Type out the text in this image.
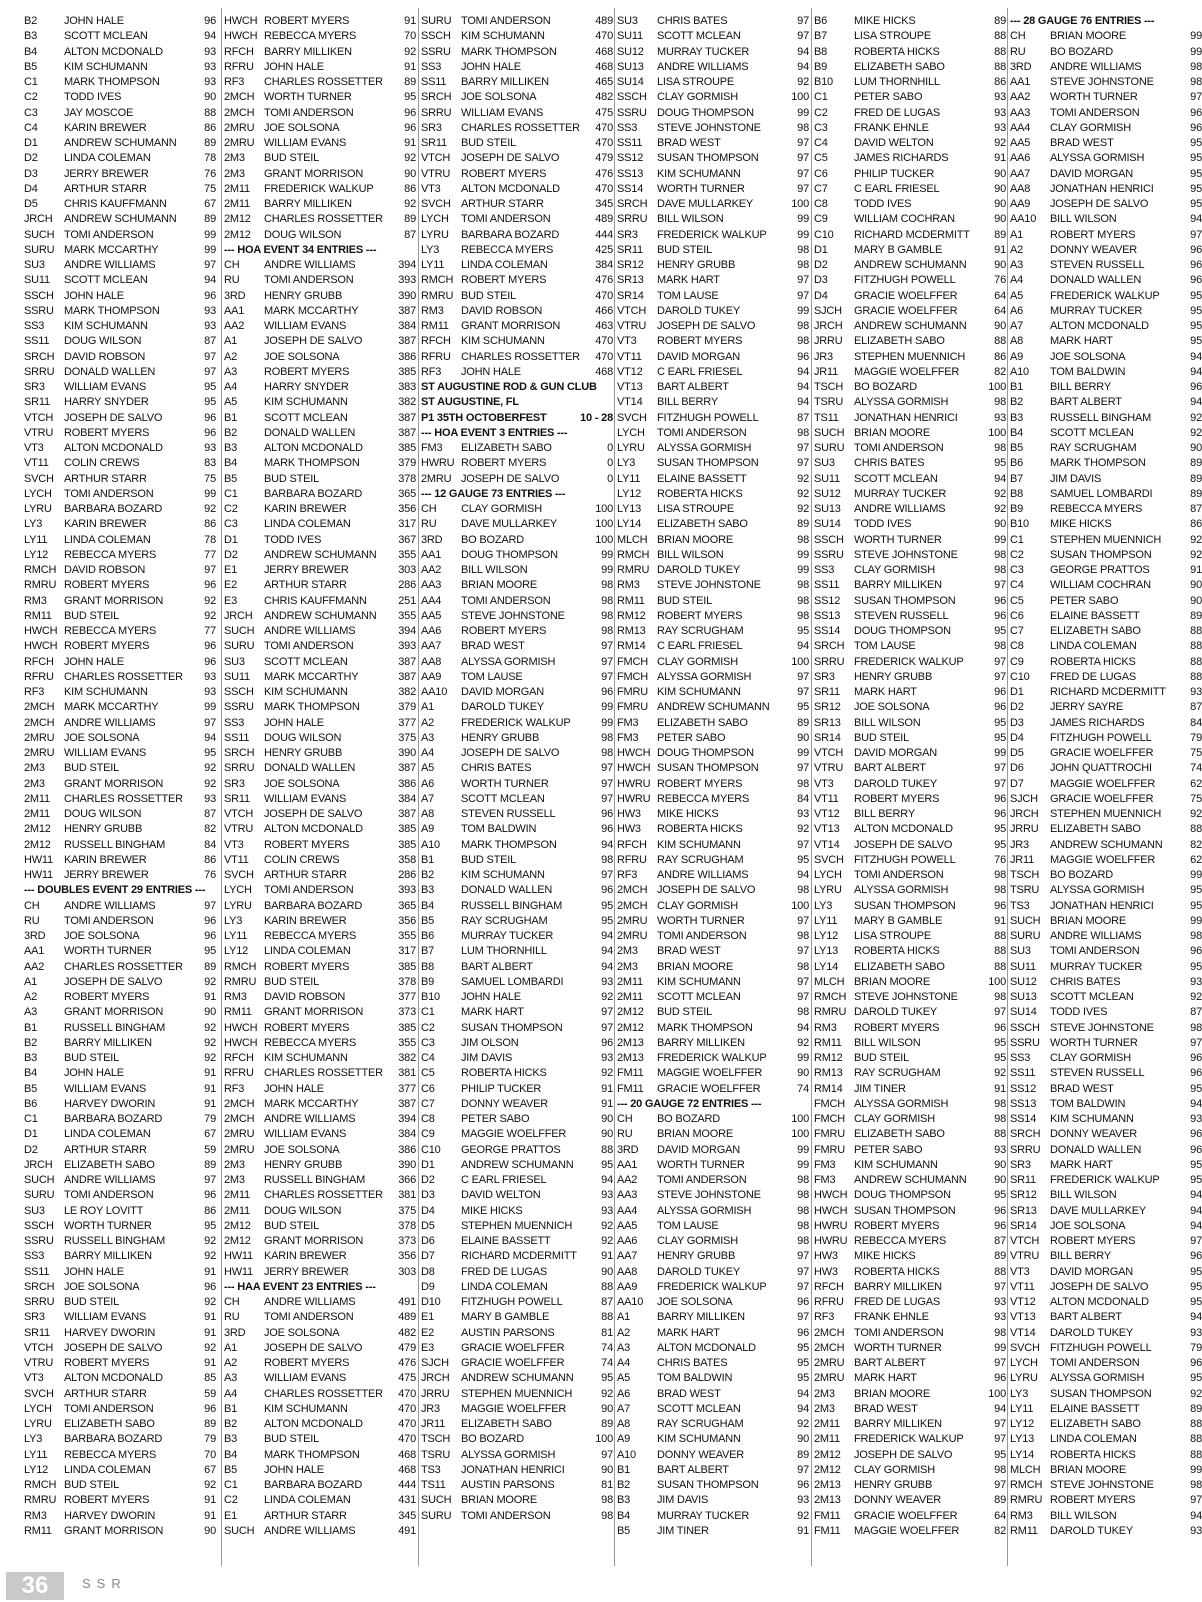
B2	JOHN HALE	96
B3	SCOTT MCLEAN	94
B4	ALTON MCDONALD	93
B5	KIM SCHUMANN	93
C1	MARK THOMPSON	93
C2	TODD IVES	90
C3	JAY MOSCOE	88
C4	KARIN BREWER	86
D1	ANDREW SCHUMANN	89
D2	LINDA COLEMAN	78
D3	JERRY BREWER	76
D4	ARTHUR STARR	75
D5	CHRIS KAUFFMANN	67
JRCH	ANDREW SCHUMANN	89
SUCH TOMI ANDERSON	99
SURU MARK MCCARTHY	99
SU3	ANDRE WILLIAMS	97
SU11	SCOTT MCLEAN	94
SSCH JOHN HALE	96
SSRU MARK THOMPSON	93
SS3	KIM SCHUMANN	93
SS11	DOUG WILSON	87
SRCH DAVID ROBSON	97
SRRU DONALD WALLEN	97
SR3	WILLIAM EVANS	95
SR11	HARRY SNYDER	95
VTCH JOSEPH DE SALVO	96
VTRU ROBERT MYERS	96
VT3	ALTON MCDONALD	93
VT11	COLIN CREWS	83
SVCH ARTHUR STARR	75
LYCH	TOMI ANDERSON	99
LYRU	BARBARA BOZARD	92
LY3	KARIN BREWER	86
LY11	LINDA COLEMAN	78
LY12	REBECCA MYERS	77
RMCH DAVID ROBSON	97
RMRU ROBERT MYERS	96
RM3	GRANT MORRISON	92
RM11	BUD STEIL	92
HWCH REBECCA MYERS	77
HWCH ROBERT MYERS	96
RFCH JOHN HALE	96
RFRU CHARLES ROSSETTER	93
RF3	KIM SCHUMANN	93
2MCH MARK MCCARTHY	99
2MCH ANDRE WILLIAMS	97
2MRU JOE SOLSONA	94
2MRU WILLIAM EVANS	95
2M3	BUD STEIL	92
2M3	GRANT MORRISON	92
2M11	CHARLES ROSSETTER	93
2M11	DOUG WILSON	87
2M12	HENRY GRUBB	82
2M12	RUSSELL BINGHAM	84
HW11	KARIN BREWER	86
HW11	JERRY BREWER	76
--- DOUBLES EVENT 29 ENTRIES ---
CH	ANDRE WILLIAMS	97
RU	TOMI ANDERSON	96
3RD	JOE SOLSONA	96
AA1	WORTH TURNER	95
AA2	CHARLES ROSSETTER	89
A1	JOSEPH DE SALVO	92
A2	ROBERT MYERS	91
A3	GRANT MORRISON	90
B1	RUSSELL BINGHAM	92
B2	BARRY MILLIKEN	92
B3	BUD STEIL	92
B4	JOHN HALE	91
B5	WILLIAM EVANS	91
B6	HARVEY DWORIN	91
C1	BARBARA BOZARD	79
D1	LINDA COLEMAN	67
D2	ARTHUR STARR	59
JRCH	ELIZABETH SABO	89
SUCH ANDRE WILLIAMS	97
SURU TOMI ANDERSON	96
SU3	LE ROY LOVITT	86
SSCH WORTH TURNER	95
SSRU RUSSELL BINGHAM	92
SS3	BARRY MILLIKEN	92
SS11	JOHN HALE	91
SRCH JOE SOLSONA	96
SRRU BUD STEIL	92
SR3	WILLIAM EVANS	91
SR11	HARVEY DWORIN	91
VTCH JOSEPH DE SALVO	92
VTRU ROBERT MYERS	91
VT3	ALTON MCDONALD	85
SVCH ARTHUR STARR	59
LYCH	TOMI ANDERSON	96
LYRU	ELIZABETH SABO	89
LY3	BARBARA BOZARD	79
LY11	REBECCA MYERS	70
LY12	LINDA COLEMAN	67
RMCH BUD STEIL	92
RMRU ROBERT MYERS	91
RM3	HARVEY DWORIN	91
RM11	GRANT MORRISON	90
HWCH ROBERT MYERS	91
HWCH REBECCA MYERS	70
RFCH BARRY MILLIKEN	92
RFRU JOHN HALE	91
RF3	CHARLES ROSSETTER	89
2MCH WORTH TURNER	95
2MCH TOMI ANDERSON	96
2MRU JOE SOLSONA	96
2MRU WILLIAM EVANS	91
2M3	BUD STEIL	92
2M3	GRANT MORRISON	90
2M11	FREDERICK WALKUP	86
2M11	BARRY MILLIKEN	92
2M12	CHARLES ROSSETTER	89
2M12	DOUG WILSON	87
--- HOA EVENT 34 ENTRIES ---
CH	ANDRE WILLIAMS	394
RU	TOMI ANDERSON	393
3RD	HENRY GRUBB	390
AA1	MARK MCCARTHY	387
AA2	WILLIAM EVANS	384
A1	JOSEPH DE SALVO	387
A2	JOE SOLSONA	386
A3	ROBERT MYERS	385
A4	HARRY SNYDER	383
A5	KIM SCHUMANN	382
B1	SCOTT MCLEAN	387
B2	DONALD WALLEN	387
B3	ALTON MCDONALD	385
B4	MARK THOMPSON	379
B5	BUD STEIL	378
C1	BARBARA BOZARD	365
C2	KARIN BREWER	356
C3	LINDA COLEMAN	317
D1	TODD IVES	367
D2	ANDREW SCHUMANN	355
E1	JERRY BREWER	303
E2	ARTHUR STARR	286
E3	CHRIS KAUFFMANN	251
JRCH	ANDREW SCHUMANN	355
SUCH ANDRE WILLIAMS	394
SURU TOMI ANDERSON	393
SU3	SCOTT MCLEAN	387
SU11	MARK MCCARTHY	387
SSCH KIM SCHUMANN	382
SSRU MARK THOMPSON	379
SS3	JOHN HALE	377
SS11	DOUG WILSON	375
SRCH HENRY GRUBB	390
SRRU DONALD WALLEN	387
SR3	JOE SOLSONA	386
SR11	WILLIAM EVANS	384
VTCH JOSEPH DE SALVO	387
VTRU ALTON MCDONALD	385
VT3	ROBERT MYERS	385
VT11	COLIN CREWS	358
SVCH ARTHUR STARR	286
LYCH	TOMI ANDERSON	393
LYRU	BARBARA BOZARD	365
LY3	KARIN BREWER	356
LY11	REBECCA MYERS	355
LY12	LINDA COLEMAN	317
RMCH ROBERT MYERS	385
RMRU BUD STEIL	378
RM3	DAVID ROBSON	377
RM11	GRANT MORRISON	373
HWCH ROBERT MYERS	385
HWCH REBECCA MYERS	355
RFCH KIM SCHUMANN	382
RFRU CHARLES ROSSETTER	381
RF3	JOHN HALE	377
2MCH MARK MCCARTHY	387
2MCH ANDRE WILLIAMS	394
2MRU WILLIAM EVANS	384
2MRU JOE SOLSONA	386
2M3	HENRY GRUBB	390
2M3	RUSSELL BINGHAM	366
2M11	CHARLES ROSSETTER	381
2M11	DOUG WILSON	375
2M12	BUD STEIL	378
2M12	GRANT MORRISON	373
HW11	KARIN BREWER	356
HW11	JERRY BREWER	303
--- HAA EVENT 23 ENTRIES ---
CH	ANDRE WILLIAMS	491
RU	TOMI ANDERSON	489
3RD	JOE SOLSONA	482
A1	JOSEPH DE SALVO	479
A2	ROBERT MYERS	476
A3	WILLIAM EVANS	475
A4	CHARLES ROSSETTER	470
B1	KIM SCHUMANN	470
B2	ALTON MCDONALD	470
B3	BUD STEIL	470
B4	MARK THOMPSON	468
B5	JOHN HALE	468
C1	BARBARA BOZARD	444
C2	LINDA COLEMAN	431
E1	ARTHUR STARR	345
SUCH ANDRE WILLIAMS	491
SURU TOMI ANDERSON	489
SSCH KIM SCHUMANN	470
SSRU MARK THOMPSON	468
SS3	JOHN HALE	468
SS11	BARRY MILLIKEN	465
SRCH JOE SOLSONA	482
SRRU WILLIAM EVANS	475
SR3	CHARLES ROSSETTER	470
SR11	BUD STEIL	470
VTCH JOSEPH DE SALVO	479
VTRU ROBERT MYERS	476
VT3	ALTON MCDONALD	470
SVCH ARTHUR STARR	345
LYCH	TOMI ANDERSON	489
LYRU	BARBARA BOZARD	444
LY3	REBECCA MYERS	425
LY11	LINDA COLEMAN	384
RMCH ROBERT MYERS	476
RMRU BUD STEIL	470
RM3	DAVID ROBSON	466
RM11	GRANT MORRISON	463
RFCH KIM SCHUMANN	470
RFRU CHARLES ROSSETTER	470
RF3	JOHN HALE	468
ST AUGUSTINE ROD & GUN CLUB
ST AUGUSTINE, FL
P1 35TH OCTOBERFEST	10 - 28
--- HOA EVENT 3 ENTRIES ---
FM3	ELIZABETH SABO	0
HWRU ROBERT MYERS	0
2MRU JOSEPH DE SALVO	0
--- 12 GAUGE 73 ENTRIES ---
CH	CLAY GORMISH	100
RU	DAVE MULLARKEY	100
3RD	BO BOZARD	100
AA1	DOUG THOMPSON	99
AA2	BILL WILSON	99
AA3	BRIAN MOORE	98
AA4	TOMI ANDERSON	98
AA5	STEVE JOHNSTONE	98
AA6	ROBERT MYERS	98
AA7	BRAD WEST	97
AA8	ALYSSA GORMISH	97
AA9	TOM LAUSE	97
AA10	DAVID MORGAN	96
A1	DAROLD TUKEY	99
A2	FREDERICK WALKUP	99
A3	HENRY GRUBB	98
A4	JOSEPH DE SALVO	98
A5	CHRIS BATES	97
A6	WORTH TURNER	97
A7	SCOTT MCLEAN	97
A8	STEVEN RUSSELL	96
A9	TOM BALDWIN	96
A10	MARK THOMPSON	94
B1	BUD STEIL	98
B2	KIM SCHUMANN	97
B3	DONALD WALLEN	96
B4	RUSSELL BINGHAM	95
B5	RAY SCRUGHAM	95
B6	MURRAY TUCKER	94
B7	LUM THORNHILL	94
B8	BART ALBERT	94
B9	SAMUEL LOMBARDI	93
B10	JOHN HALE	92
C1	MARK HART	97
C2	SUSAN THOMPSON	97
C3	JIM OLSON	96
C4	JIM DAVIS	93
C5	ROBERTA HICKS	92
C6	PHILIP TUCKER	91
C7	DONNY WEAVER	91
C8	PETER SABO	90
C9	MAGGIE WOELFFER	90
C10	GEORGE PRATTOS	88
D1	ANDREW SCHUMANN	95
D2	C EARL FRIESEL	94
D3	DAVID WELTON	93
D4	MIKE HICKS	93
D5	STEPHEN MUENNICH	92
D6	ELAINE BASSETT	92
D7	RICHARD MCDERMITT	91
D8	FRED DE LUGAS	90
D9	LINDA COLEMAN	88
D10	FITZHUGH POWELL	87
E1	MARY B GAMBLE	88
E2	AUSTIN PARSONS	81
E3	GRACIE WOELFFER	74
SJCH	GRACIE WOELFFER	74
JRCH	ANDREW SCHUMANN	95
JRRU	STEPHEN MUENNICH	92
JR3	MAGGIE WOELFFER	90
JR11	ELIZABETH SABO	89
TSCH BO BOZARD	100
TSRU ALYSSA GORMISH	97
TS3	JONATHAN HENRICI	90
TS11	AUSTIN PARSONS	81
SUCH BRIAN MOORE	98
SURU TOMI ANDERSON	98
SU3	CHRIS BATES	97
SU11	SCOTT MCLEAN	97
SU12	MURRAY TUCKER	94
SU13	ANDRE WILLIAMS	94
SU14	LISA STROUPE	92
SSCH CLAY GORMISH	100
SSRU DOUG THOMPSON	99
SS3	STEVE JOHNSTONE	98
SS11	BRAD WEST	97
SS12	SUSAN THOMPSON	97
SS13	KIM SCHUMANN	97
SS14	WORTH TURNER	97
SRCH DAVE MULLARKEY	100
SRRU BILL WILSON	99
SR3	FREDERICK WALKUP	99
SR11	BUD STEIL	98
SR12	HENRY GRUBB	98
SR13	MARK HART	97
SR14	TOM LAUSE	97
VTCH DAROLD TUKEY	99
VTRU JOSEPH DE SALVO	98
VT3	ROBERT MYERS	98
VT11	DAVID MORGAN	96
VT12	C EARL FRIESEL	94
VT13	BART ALBERT	94
VT14	BILL BERRY	94
SVCH FITZHUGH POWELL	87
LYCH	TOMI ANDERSON	98
LYRU	ALYSSA GORMISH	97
LY3	SUSAN THOMPSON	97
LY11	ELAINE BASSETT	92
LY12	ROBERTA HICKS	92
LY13	LISA STROUPE	92
LY14	ELIZABETH SABO	89
MLCH BRIAN MOORE	98
RMCH BILL WILSON	99
RMRU DAROLD TUKEY	99
RM3	STEVE JOHNSTONE	98
RM11	BUD STEIL	98
RM12	ROBERT MYERS	98
RM13	RAY SCRUGHAM	95
RM14	C EARL FRIESEL	94
FMCH CLAY GORMISH	100
FMCH ALYSSA GORMISH	97
FMRU KIM SCHUMANN	97
FMRU ANDREW SCHUMANN	95
FM3	ELIZABETH SABO	89
FM3	PETER SABO	90
HWCH DOUG THOMPSON	99
HWCH SUSAN THOMPSON	97
HWRU ROBERT MYERS	98
HWRU REBECCA MYERS	84
HW3	MIKE HICKS	93
HW3	ROBERTA HICKS	92
RFCH KIM SCHUMANN	97
RFRU RAY SCRUGHAM	95
RF3	ANDRE WILLIAMS	94
2MCH JOSEPH DE SALVO	98
2MCH CLAY GORMISH	100
2MRU WORTH TURNER	97
2MRU TOMI ANDERSON	98
2M3	BRAD WEST	97
2M3	BRIAN MOORE	98
2M11	KIM SCHUMANN	97
2M11	SCOTT MCLEAN	97
2M12	BUD STEIL	98
2M12	MARK THOMPSON	94
2M13	BARRY MILLIKEN	92
2M13	FREDERICK WALKUP	99
FM11	MAGGIE WOELFFER	90
FM11	GRACIE WOELFFER	74
--- 20 GAUGE 72 ENTRIES ---
CH	BO BOZARD	100
RU	BRIAN MOORE	100
3RD	DAVID MORGAN	99
AA1	WORTH TURNER	99
AA2	TOMI ANDERSON	98
AA3	STEVE JOHNSTONE	98
AA4	ALYSSA GORMISH	98
AA5	TOM LAUSE	98
AA6	CLAY GORMISH	98
AA7	HENRY GRUBB	97
AA8	DAROLD TUKEY	97
AA9	FREDERICK WALKUP	97
AA10	JOE SOLSONA	96
A1	BARRY MILLIKEN	97
A2	MARK HART	96
A3	ALTON MCDONALD	95
A4	CHRIS BATES	95
A5	TOM BALDWIN	95
A6	BRAD WEST	94
A7	SCOTT MCLEAN	94
A8	RAY SCRUGHAM	92
A9	KIM SCHUMANN	90
A10	DONNY WEAVER	89
B1	BART ALBERT	97
B2	SUSAN THOMPSON	96
B3	JIM DAVIS	93
B4	MURRAY TUCKER	92
B5	JIM TINER	91
B6	MIKE HICKS	89
B7	LISA STROUPE	88
B8	ROBERTA HICKS	88
B9	ELIZABETH SABO	88
B10	LUM THORNHILL	86
C1	PETER SABO	93
C2	FRED DE LUGAS	93
C3	FRANK EHNLE	93
C4	DAVID WELTON	92
C5	JAMES RICHARDS	91
C6	PHILIP TUCKER	90
C7	C EARL FRIESEL	90
C8	TODD IVES	90
C9	WILLIAM COCHRAN	90
C10	RICHARD MCDERMITT	89
D1	MARY B GAMBLE	91
D2	ANDREW SCHUMANN	90
D3	FITZHUGH POWELL	76
D4	GRACIE WOELFFER	64
SJCH	GRACIE WOELFFER	64
JRCH	ANDREW SCHUMANN	90
JRRU	ELIZABETH SABO	88
JR3	STEPHEN MUENNICH	86
JR11	MAGGIE WOELFFER	82
TSCH BO BOZARD	100
TSRU ALYSSA GORMISH	98
TS11	JONATHAN HENRICI	93
SUCH BRIAN MOORE	100
SURU TOMI ANDERSON	98
SU3	CHRIS BATES	95
SU11	SCOTT MCLEAN	94
SU12	MURRAY TUCKER	92
SU13	ANDRE WILLIAMS	92
SU14	TODD IVES	90
SSCH WORTH TURNER	99
SSRU STEVE JOHNSTONE	98
SS3	CLAY GORMISH	98
SS11	BARRY MILLIKEN	97
SS12	SUSAN THOMPSON	96
SS13	STEVEN RUSSELL	96
SS14	DOUG THOMPSON	95
SRCH TOM LAUSE	98
SRRU FREDERICK WALKUP	97
SR3	HENRY GRUBB	97
SR11	MARK HART	96
SR12	JOE SOLSONA	96
SR13	BILL WILSON	95
SR14	BUD STEIL	95
VTCH DAVID MORGAN	99
VTRU BART ALBERT	97
VT3	DAROLD TUKEY	97
VT11	ROBERT MYERS	96
VT12	BILL BERRY	96
VT13	ALTON MCDONALD	95
VT14	JOSEPH DE SALVO	95
SVCH FITZHUGH POWELL	76
LYCH	TOMI ANDERSON	98
LYRU	ALYSSA GORMISH	98
LY3	SUSAN THOMPSON	96
LY11	MARY B GAMBLE	91
LY12	LISA STROUPE	88
LY13	ROBERTA HICKS	88
LY14	ELIZABETH SABO	88
MLCH BRIAN MOORE	100
RMCH STEVE JOHNSTONE	98
RMRU DAROLD TUKEY	97
RM3	ROBERT MYERS	96
RM11	BILL WILSON	95
RM12	BUD STEIL	95
RM13	RAY SCRUGHAM	92
RM14	JIM TINER	91
FMCH ALYSSA GORMISH	98
FMCH CLAY GORMISH	98
FMRU ELIZABETH SABO	88
FMRU PETER SABO	93
FM3	KIM SCHUMANN	90
FM3	ANDREW SCHUMANN	90
HWCH DOUG THOMPSON	95
HWCH SUSAN THOMPSON	96
HWRU ROBERT MYERS	96
HWRU REBECCA MYERS	87
HW3	MIKE HICKS	89
HW3	ROBERTA HICKS	88
RFCH BARRY MILLIKEN	97
RFRU FRED DE LUGAS	93
RF3	FRANK EHNLE	93
2MCH TOMI ANDERSON	98
2MCH WORTH TURNER	99
2MRU BART ALBERT	97
2MRU MARK HART	96
2M3	BRIAN MOORE	100
2M3	BRAD WEST	94
2M11	BARRY MILLIKEN	97
2M11	FREDERICK WALKUP	97
2M12	JOSEPH DE SALVO	95
2M12	CLAY GORMISH	98
2M13	HENRY GRUBB	97
2M13	DONNY WEAVER	89
FM11	GRACIE WOELFFER	64
FM11	MAGGIE WOELFFER	82
--- 28 GAUGE 76 ENTRIES ---
CH	BRIAN MOORE	99
RU	BO BOZARD	99
3RD	ANDRE WILLIAMS	98
AA1	STEVE JOHNSTONE	98
AA2	WORTH TURNER	97
AA3	TOMI ANDERSON	96
AA4	CLAY GORMISH	96
AA5	BRAD WEST	95
AA6	ALYSSA GORMISH	95
AA7	DAVID MORGAN	95
AA8	JONATHAN HENRICI	95
AA9	JOSEPH DE SALVO	95
AA10	BILL WILSON	94
A1	ROBERT MYERS	97
A2	DONNY WEAVER	96
A3	STEVEN RUSSELL	96
A4	DONALD WALLEN	96
A5	FREDERICK WALKUP	95
A6	MURRAY TUCKER	95
A7	ALTON MCDONALD	95
A8	MARK HART	95
A9	JOE SOLSONA	94
A10	TOM BALDWIN	94
B1	BILL BERRY	96
B2	BART ALBERT	94
B3	RUSSELL BINGHAM	92
B4	SCOTT MCLEAN	92
B5	RAY SCRUGHAM	90
B6	MARK THOMPSON	89
B7	JIM DAVIS	89
B8	SAMUEL LOMBARDI	89
B9	REBECCA MYERS	87
B10	MIKE HICKS	86
C1	STEPHEN MUENNICH	92
C2	SUSAN THOMPSON	92
C3	GEORGE PRATTOS	91
C4	WILLIAM COCHRAN	90
C5	PETER SABO	90
C6	ELAINE BASSETT	89
C7	ELIZABETH SABO	88
C8	LINDA COLEMAN	88
C9	ROBERTA HICKS	88
C10	FRED DE LUGAS	88
D1	RICHARD MCDERMITT	93
D2	JERRY SAYRE	87
D3	JAMES RICHARDS	84
D4	FITZHUGH POWELL	79
D5	GRACIE WOELFFER	75
D6	JOHN QUATTROCHI	74
D7	MAGGIE WOELFFER	62
SJCH	GRACIE WOELFFER	75
JRCH	STEPHEN MUENNICH	92
JRRU	ELIZABETH SABO	88
JR3	ANDREW SCHUMANN	82
JR11	MAGGIE WOELFFER	62
TSCH BO BOZARD	99
TSRU ALYSSA GORMISH	95
TS3	JONATHAN HENRICI	95
SUCH BRIAN MOORE	99
SURU ANDRE WILLIAMS	98
SU3	TOMI ANDERSON	96
SU11	MURRAY TUCKER	95
SU12	CHRIS BATES	93
SU13	SCOTT MCLEAN	92
SU14	TODD IVES	87
SSCH STEVE JOHNSTONE	98
SSRU WORTH TURNER	97
SS3	CLAY GORMISH	96
SS11	STEVEN RUSSELL	96
SS12	BRAD WEST	95
SS13	TOM BALDWIN	94
SS14	KIM SCHUMANN	93
SRCH DONNY WEAVER	96
SRRU DONALD WALLEN	96
SR3	MARK HART	95
SR11	FREDERICK WALKUP	95
SR12	BILL WILSON	94
SR13	DAVE MULLARKEY	94
SR14	JOE SOLSONA	94
VTCH ROBERT MYERS	97
VTRU BILL BERRY	96
VT3	DAVID MORGAN	95
VT11	JOSEPH DE SALVO	95
VT12	ALTON MCDONALD	95
VT13	BART ALBERT	94
VT14	DAROLD TUKEY	93
SVCH FITZHUGH POWELL	79
LYCH	TOMI ANDERSON	96
LYRU	ALYSSA GORMISH	95
LY3	SUSAN THOMPSON	92
LY11	ELAINE BASSETT	89
LY12	ELIZABETH SABO	88
LY13	LINDA COLEMAN	88
LY14	ROBERTA HICKS	88
MLCH BRIAN MOORE	99
RMCH STEVE JOHNSTONE	98
RMRU ROBERT MYERS	97
RM3	BILL WILSON	94
RM11	DAROLD TUKEY	93
36	SSR
